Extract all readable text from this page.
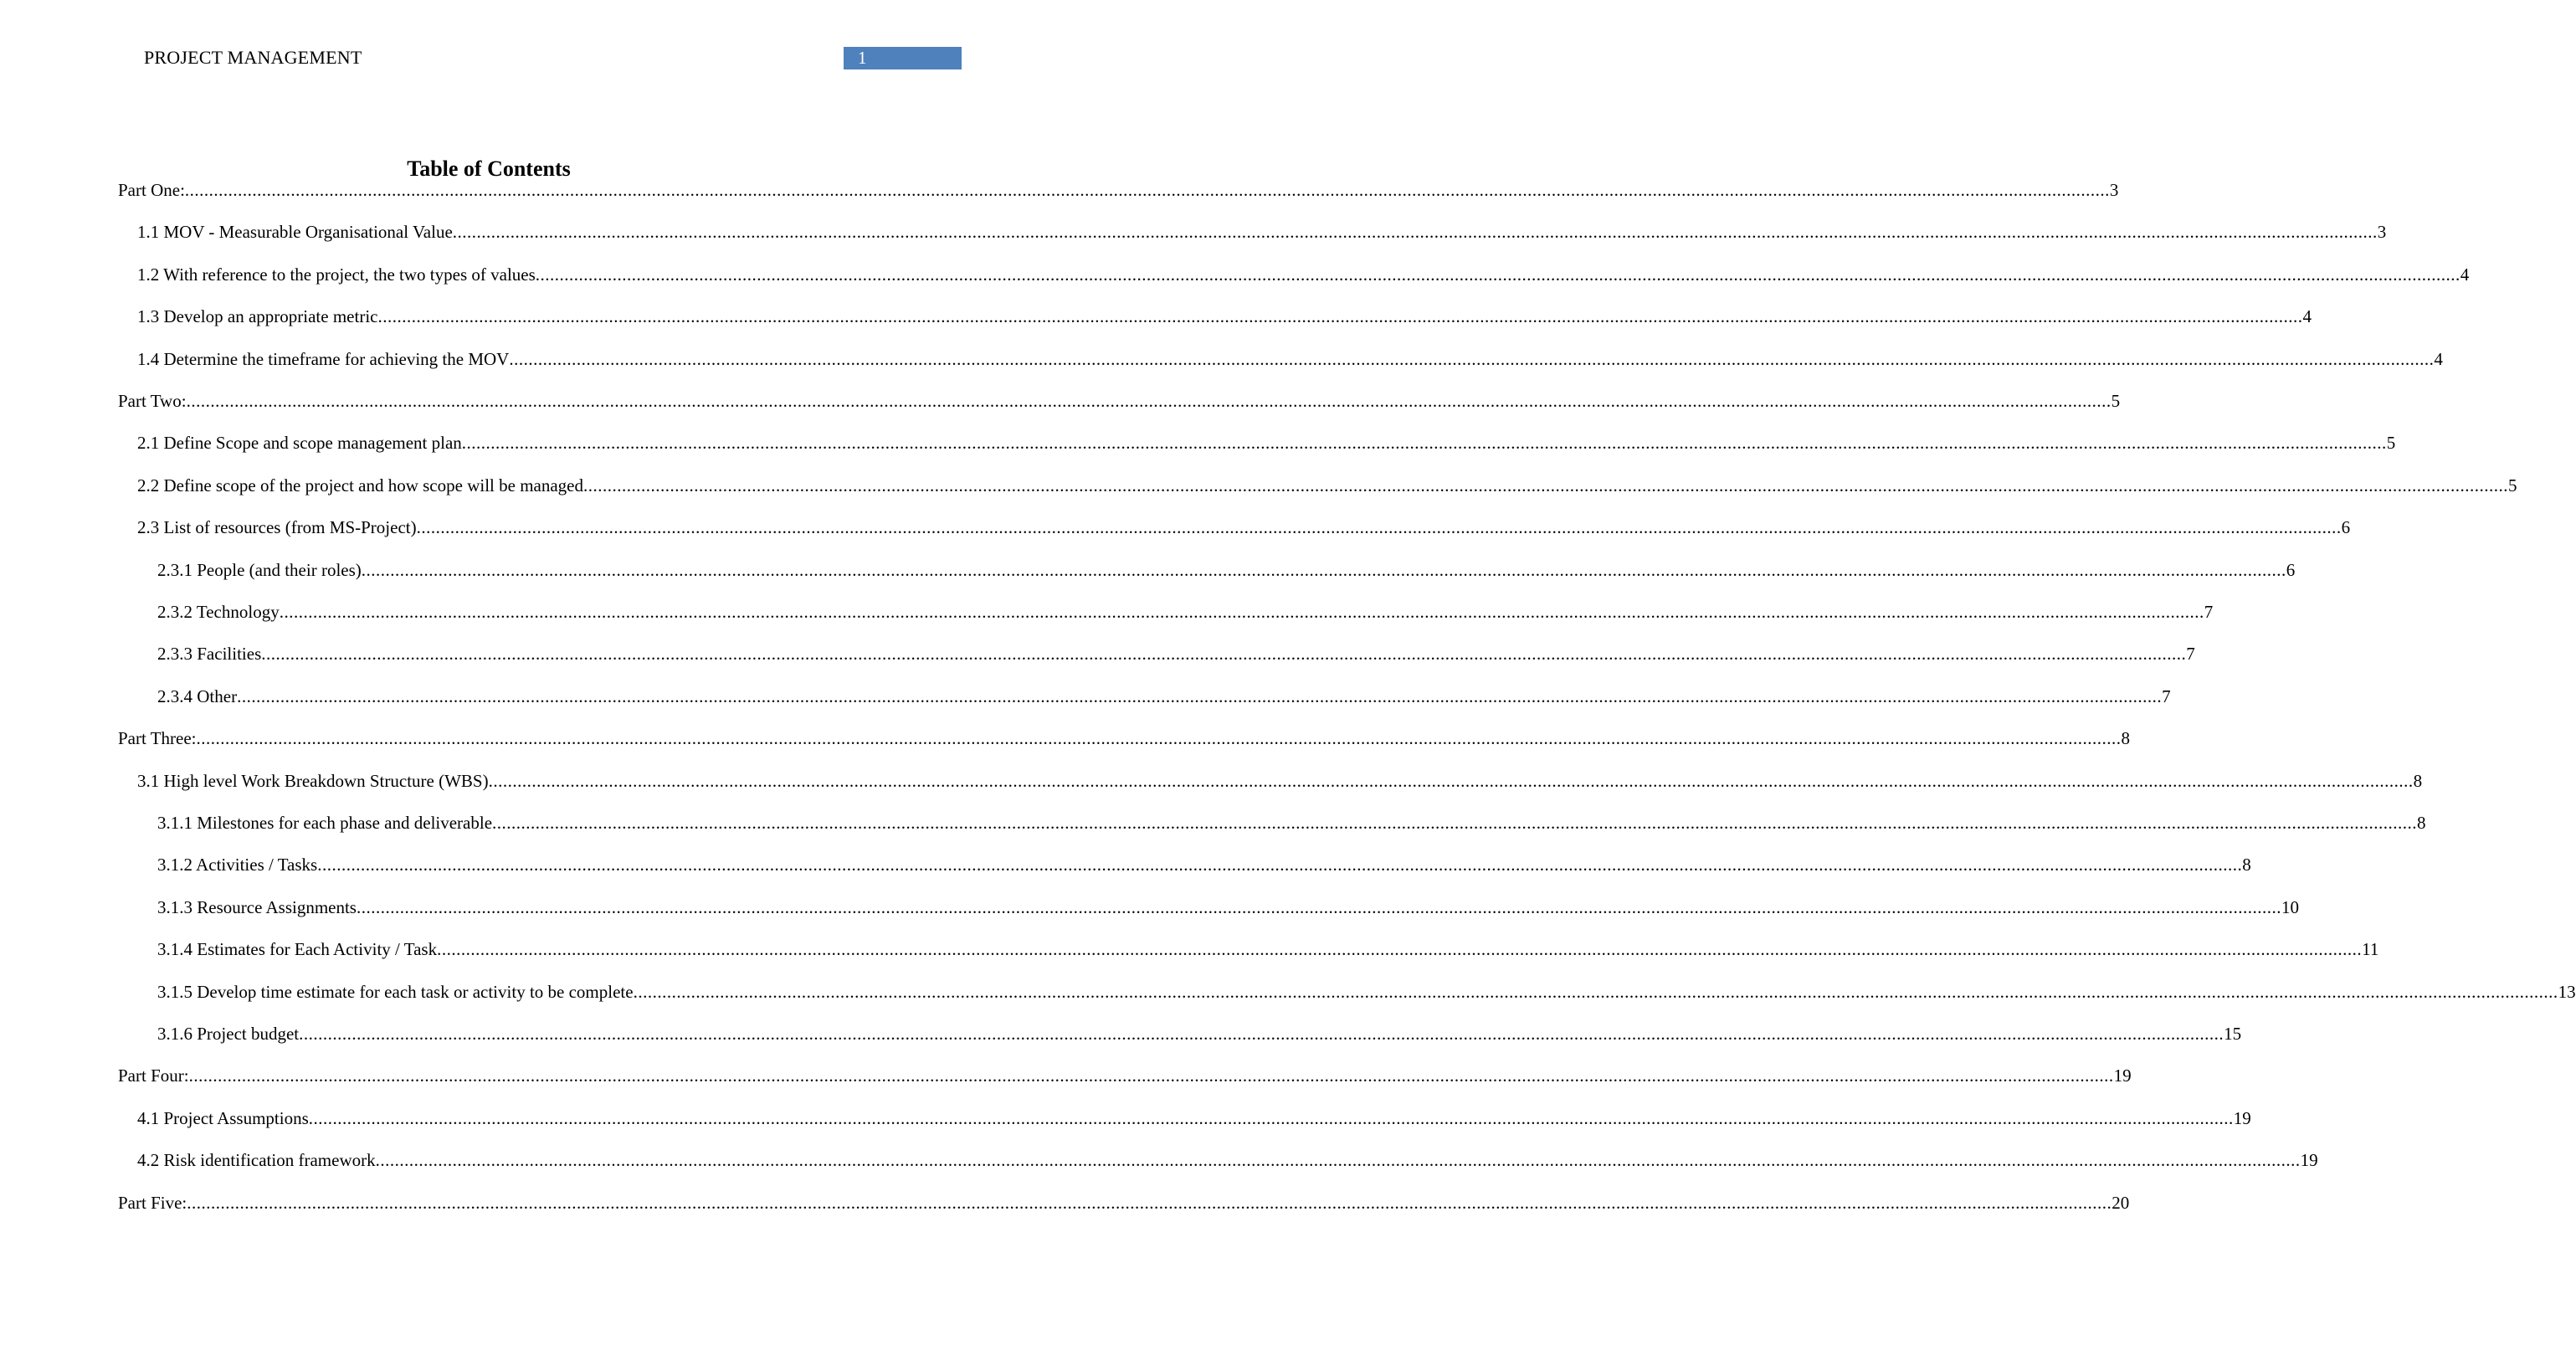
PROJECT MANAGEMENT	1
Table of Contents
Part One: ................................................................................................................................................................................................................................................................................................................................................................................................................ 3
1.1 MOV - Measurable Organisational Value ................................................................................................................................................................................................................................................................................................................................................................................................................ 3
1.2 With reference to the project, the two types of values ................................................................................................................................................................................................................................................................................................................................................................................................................ 4
1.3 Develop an appropriate metric ................................................................................................................................................................................................................................................................................................................................................................................................................ 4
1.4 Determine the timeframe for achieving the MOV ................................................................................................................................................................................................................................................................................................................................................................................................................ 4
Part Two: ................................................................................................................................................................................................................................................................................................................................................................................................................ 5
2.1 Define Scope and scope management plan ................................................................................................................................................................................................................................................................................................................................................................................................................ 5
2.2 Define scope of the project and how scope will be managed ................................................................................................................................................................................................................................................................................................................................................................................................................ 5
2.3 List of resources (from MS-Project) ................................................................................................................................................................................................................................................................................................................................................................................................................ 6
2.3.1 People (and their roles) ................................................................................................................................................................................................................................................................................................................................................................................................................ 6
2.3.2 Technology ................................................................................................................................................................................................................................................................................................................................................................................................................ 7
2.3.3 Facilities ................................................................................................................................................................................................................................................................................................................................................................................................................ 7
2.3.4 Other ................................................................................................................................................................................................................................................................................................................................................................................................................ 7
Part Three: ................................................................................................................................................................................................................................................................................................................................................................................................................ 8
3.1 High level Work Breakdown Structure (WBS) ................................................................................................................................................................................................................................................................................................................................................................................................................ 8
3.1.1 Milestones for each phase and deliverable ................................................................................................................................................................................................................................................................................................................................................................................................................ 8
3.1.2 Activities / Tasks ................................................................................................................................................................................................................................................................................................................................................................................................................ 8
3.1.3 Resource Assignments ................................................................................................................................................................................................................................................................................................................................................................................................................ 10
3.1.4 Estimates for Each Activity / Task ................................................................................................................................................................................................................................................................................................................................................................................................................ 11
3.1.5 Develop time estimate for each task or activity to be complete ................................................................................................................................................................................................................................................................................................................................................................................................................ 13
3.1.6 Project budget ................................................................................................................................................................................................................................................................................................................................................................................................................ 15
Part Four: ................................................................................................................................................................................................................................................................................................................................................................................................................ 19
4.1 Project Assumptions ................................................................................................................................................................................................................................................................................................................................................................................................................ 19
4.2 Risk identification framework ................................................................................................................................................................................................................................................................................................................................................................................................................ 19
Part Five: ................................................................................................................................................................................................................................................................................................................................................................................................................ 20
